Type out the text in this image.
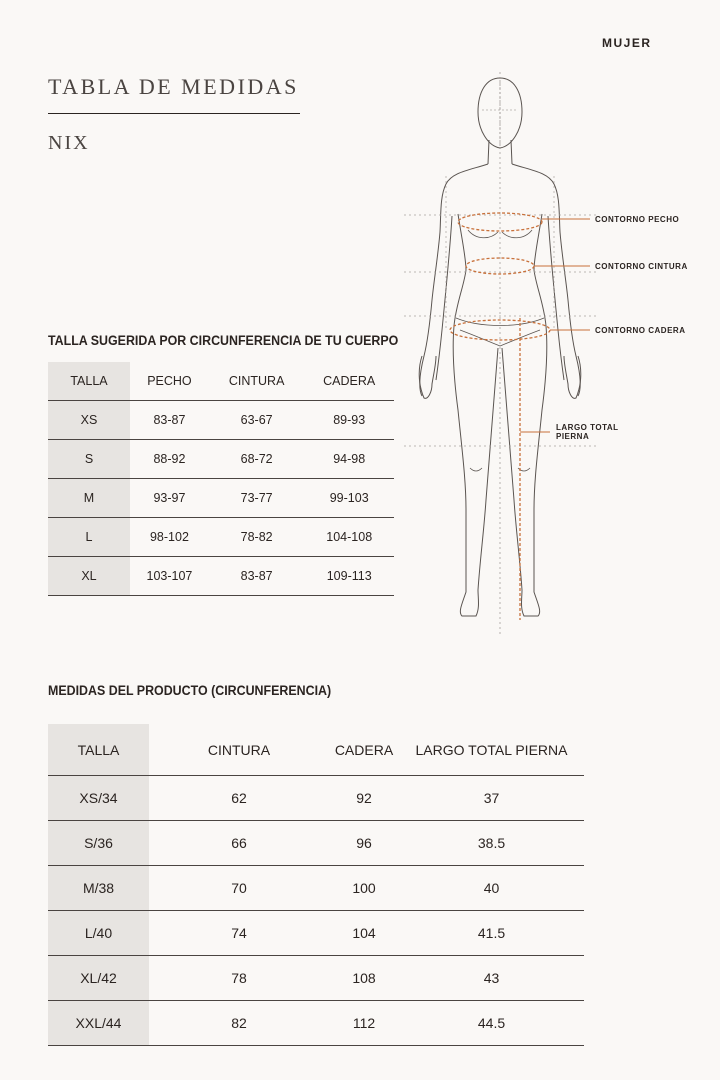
MUJER
TABLA DE MEDIDAS
NIX
TALLA SUGERIDA POR CIRCUNFERENCIA DE TU CUERPO
TALLA	PECHO	CINTURA	CADERA
XS	83-87	63-67	89-93
S	88-92	68-72	94-98
M	93-97	73-77	99-103
L	98-102	78-82	104-108
XL	103-107	83-87	109-113
CONTORNO PECHO
CONTORNO CINTURA
CONTORNO CADERA
LARGO TOTAL
PIERNA
MEDIDAS DEL PRODUCTO (CIRCUNFERENCIA)
TALLA	CINTURA	CADERA	LARGO TOTAL PIERNA
XS/34	62	92	37
S/36	66	96	38.5
M/38	70	100	40
L/40	74	104	41.5
XL/42	78	108	43
XXL/44	82	112	44.5
